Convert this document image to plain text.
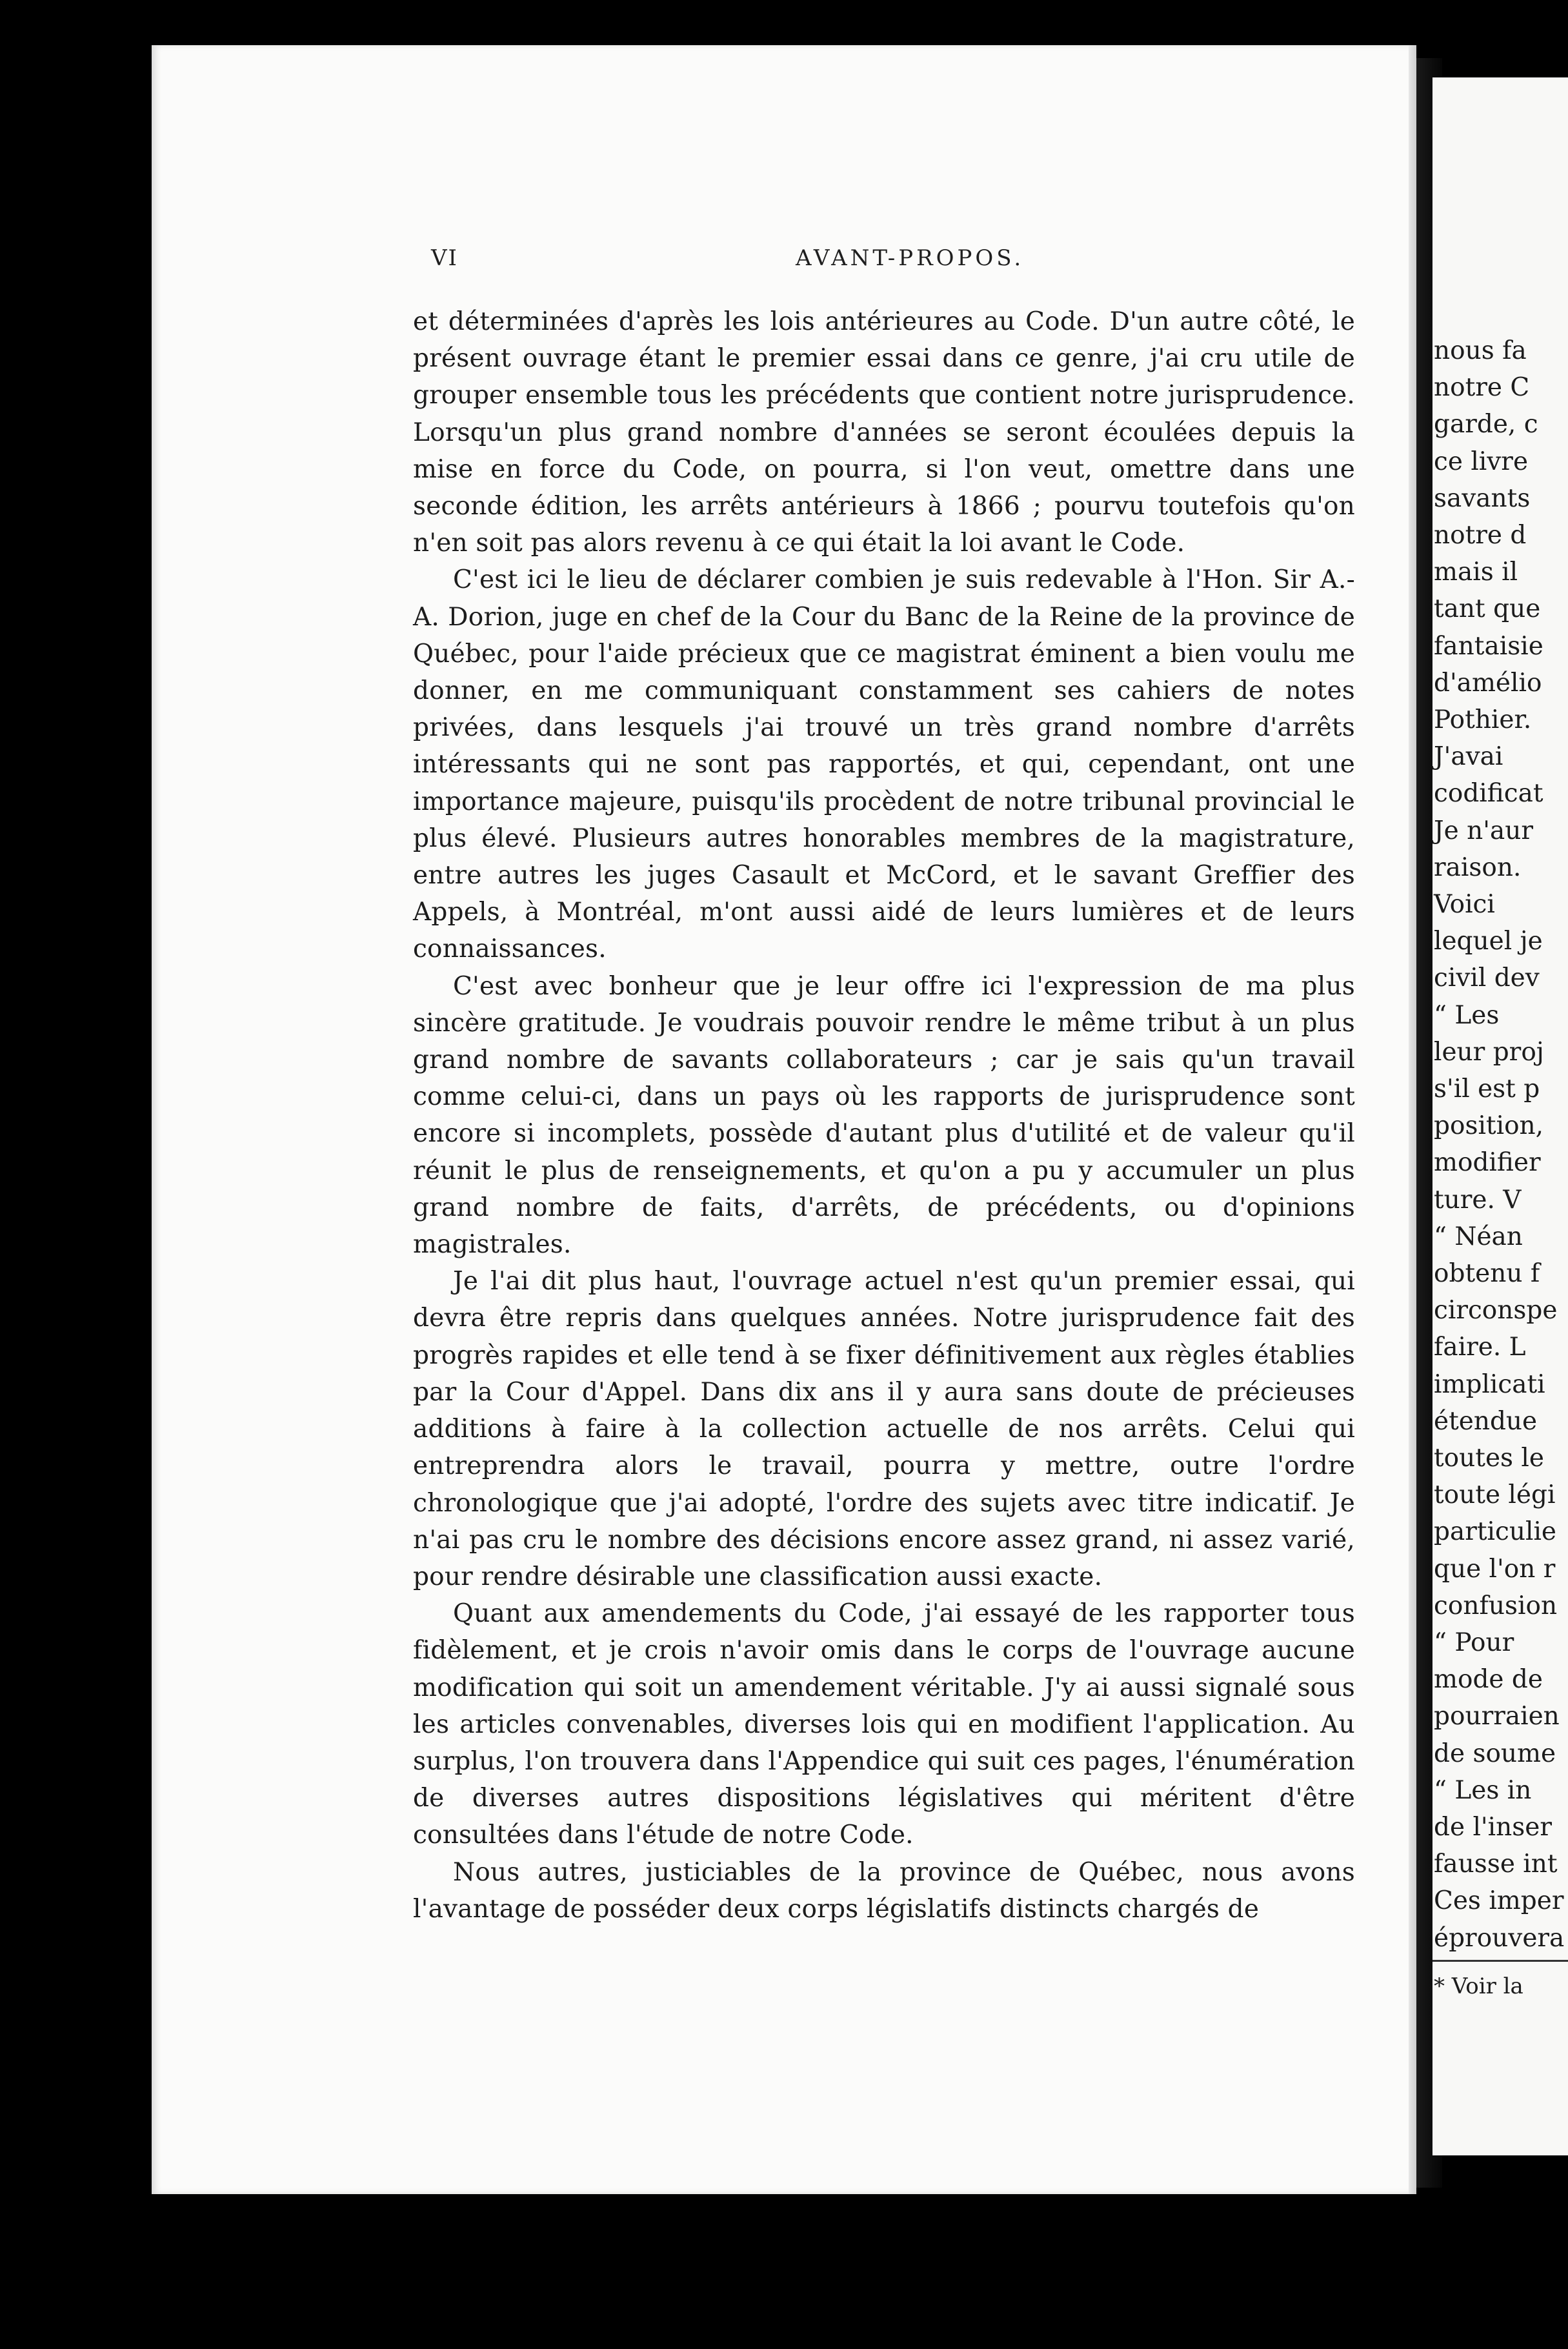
VI	AVANT-PROPOS.

et déterminées d'après les lois antérieures au Code. D'un autre côté, le présent ouvrage étant le premier essai dans ce genre, j'ai cru utile de grouper ensemble tous les précédents que contient notre jurisprudence. Lorsqu'un plus grand nombre d'années se seront écoulées depuis la mise en force du Code, on pourra, si l'on veut, omettre dans une seconde édition, les arrêts antérieurs à 1866 ; pourvu toutefois qu'on n'en soit pas alors revenu à ce qui était la loi avant le Code.

C'est ici le lieu de déclarer combien je suis redevable à l'Hon. Sir A.-A. Dorion, juge en chef de la Cour du Banc de la Reine de la province de Québec, pour l'aide précieux que ce magistrat éminent a bien voulu me donner, en me communiquant constamment ses cahiers de notes privées, dans lesquels j'ai trouvé un très grand nombre d'arrêts intéressants qui ne sont pas rapportés, et qui, cependant, ont une importance majeure, puisqu'ils procèdent de notre tribunal provincial le plus élevé. Plusieurs autres honorables membres de la magistrature, entre autres les juges Casault et McCord, et le savant Greffier des Appels, à Montréal, m'ont aussi aidé de leurs lumières et de leurs connaissances.

C'est avec bonheur que je leur offre ici l'expression de ma plus sincère gratitude. Je voudrais pouvoir rendre le même tribut à un plus grand nombre de savants collaborateurs ; car je sais qu'un travail comme celui-ci, dans un pays où les rapports de jurisprudence sont encore si incomplets, possède d'autant plus d'utilité et de valeur qu'il réunit le plus de renseignements, et qu'on a pu y accumuler un plus grand nombre de faits, d'arrêts, de précédents, ou d'opinions magistrales.

Je l'ai dit plus haut, l'ouvrage actuel n'est qu'un premier essai, qui devra être repris dans quelques années. Notre jurisprudence fait des progrès rapides et elle tend à se fixer définitivement aux règles établies par la Cour d'Appel. Dans dix ans il y aura sans doute de précieuses additions à faire à la collection actuelle de nos arrêts. Celui qui entreprendra alors le travail, pourra y mettre, outre l'ordre chronologique que j'ai adopté, l'ordre des sujets avec titre indicatif. Je n'ai pas cru le nombre des décisions encore assez grand, ni assez varié, pour rendre désirable une classification aussi exacte.

Quant aux amendements du Code, j'ai essayé de les rapporter tous fidèlement, et je crois n'avoir omis dans le corps de l'ouvrage aucune modification qui soit un amendement véritable. J'y ai aussi signalé sous les articles convenables, diverses lois qui en modifient l'application. Au surplus, l'on trouvera dans l'Appendice qui suit ces pages, l'énumération de diverses autres dispositions législatives qui méritent d'être consultées dans l'étude de notre Code.

Nous autres, justiciables de la province de Québec, nous avons l'avantage de posséder deux corps législatifs distincts chargés de

nous fa
notre C
garde, c
ce livre
savants
notre d
mais il
tant que
fantaisie
d'amélio
Pothier.
J'avai
codificat
Je n'aur
raison.
Voici
lequel je
civil dev
“ Les
leur proj
s'il est p
position,
modifier
ture. V
“ Néan
obtenu f
circonspe
faire. L
implicati
étendue
toutes le
toute légi
particulie
que l'on r
confusion
“ Pour
mode de
pourraien
de soume
“ Les in
de l'inser
fausse int
Ces imper
éprouvera
* Voir la
